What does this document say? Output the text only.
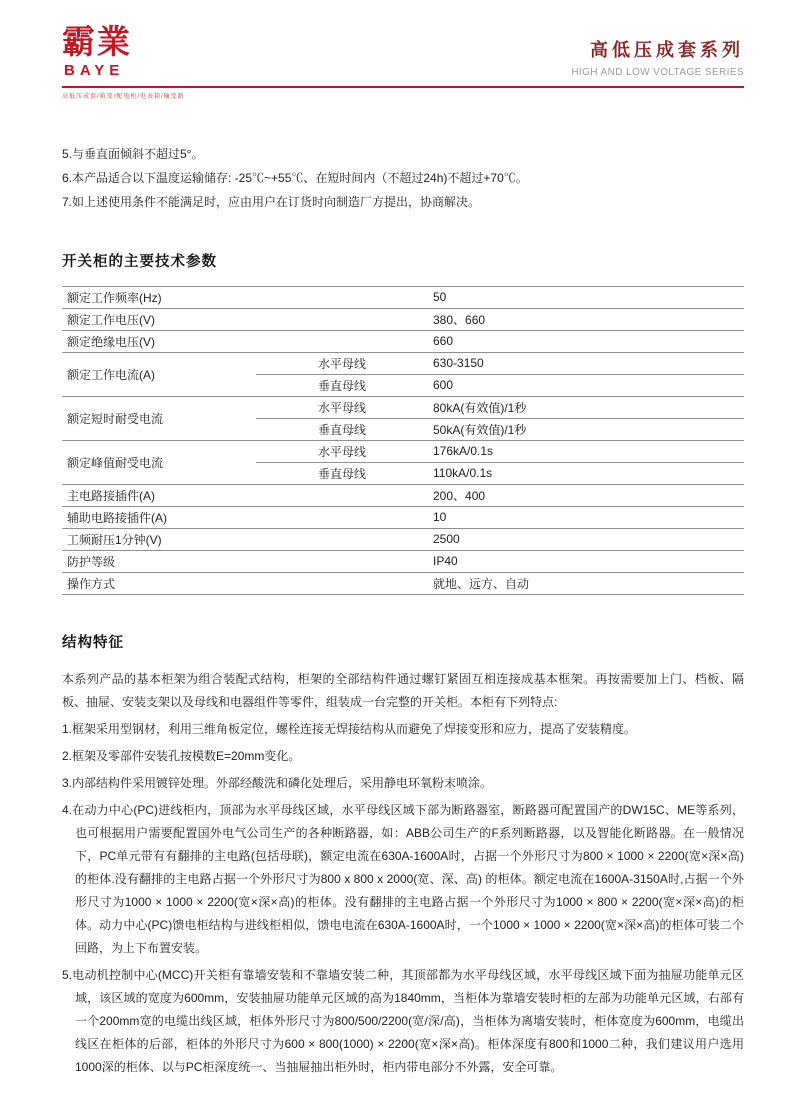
霸業
BAYE
高低压成套系列
HIGH AND LOW VOLTAGE SERIES
高低压成套/箱变/配电柜/电表箱/输变路
5.与垂直面倾斜不超过5°。
6.本产品适合以下温度运输储存: -25℃~+55℃、在短时间内（不超过24h)不超过+70℃。
7.如上述使用条件不能满足时，应由用户在订货时向制造厂方提出，协商解决。
开关柜的主要技术参数
额定工作频率(Hz)		50
额定工作电压(V)		380、660
额定绝缘电压(V)		660
额定工作电流(A)	水平母线	630-3150
	垂直母线	600
额定短时耐受电流	水平母线	80kA(有效值)/1秒
	垂直母线	50kA(有效值)/1秒
额定峰值耐受电流	水平母线	176kA/0.1s
	垂直母线	110kA/0.1s
主电路接插件(A)		200、400
辅助电路接插件(A)		10
工频耐压1分钟(V)		2500
防护等级		IP40
操作方式		就地、远方、自动
结构特征
本系列产品的基本柜架为组合装配式结构，柜架的全部结构件通过螺钉紧固互相连接成基本框架。再按需要加上门、档板、隔板、抽屉、安装支架以及母线和电器组件等零件，组装成一台完整的开关柜。本柜有下列特点:
1.框架采用型钢材，利用三维角板定位，螺栓连接无焊接结构从而避免了焊接变形和应力，提高了安装精度。
2.框架及零部件安装孔按模数E=20mm变化。
3.内部结构件采用镀锌处理。外部经酸洗和磷化处理后，采用静电环氧粉末喷涂。
4.在动力中心(PC)进线柜内，顶部为水平母线区域，水平母线区域下部为断路器室，断路器可配置国产的DW15C、ME等系列，也可根据用户需要配置国外电气公司生产的各种断路器，如：ABB公司生产的F系列断路器，以及智能化断路器。在一般情况下，PC单元带有有翻排的主电路(包括母联)，额定电流在630A-1600A时，占据一个外形尺寸为800 × 1000 × 2200(宽×深×高)的柜体.没有翻排的主电路占据一个外形尺寸为800 x 800 x 2000(宽、深、高) 的柜体。额定电流在1600A-3150A时,占据一个外形尺寸为1000 × 1000 × 2200(宽×深×高)的柜体。没有翻排的主电路占据一个外形尺寸为1000 × 800 × 2200(宽×深×高)的柜体。动力中心(PC)馈电柜结构与进线柜相似，馈电电流在630A-1600A时，一个1000 × 1000 × 2200(宽×深×高)的柜体可装二个回路，为上下布置安装。
5.电动机控制中心(MCC)开关柜有靠墙安装和不靠墙安装二种，其顶部都为水平母线区域，水平母线区域下面为抽屉功能单元区域，该区域的宽度为600mm，安装抽屉功能单元区域的高为1840mm，当柜体为靠墙安装时柜的左部为功能单元区域，右部有一个200mm宽的电缆出线区域，柜体外形尺寸为800/500/2200(宽/深/高)，当柜体为离墙安装时，柜体宽度为600mm，电缆出线区在柜体的后部，柜体的外形尺寸为600 × 800(1000) × 2200(宽×深×高)。柜体深度有800和1000二种，我们建议用户选用1000深的柜体、以与PC柜深度统一、当抽屉抽出柜外时，柜内带电部分不外露，安全可靠。
